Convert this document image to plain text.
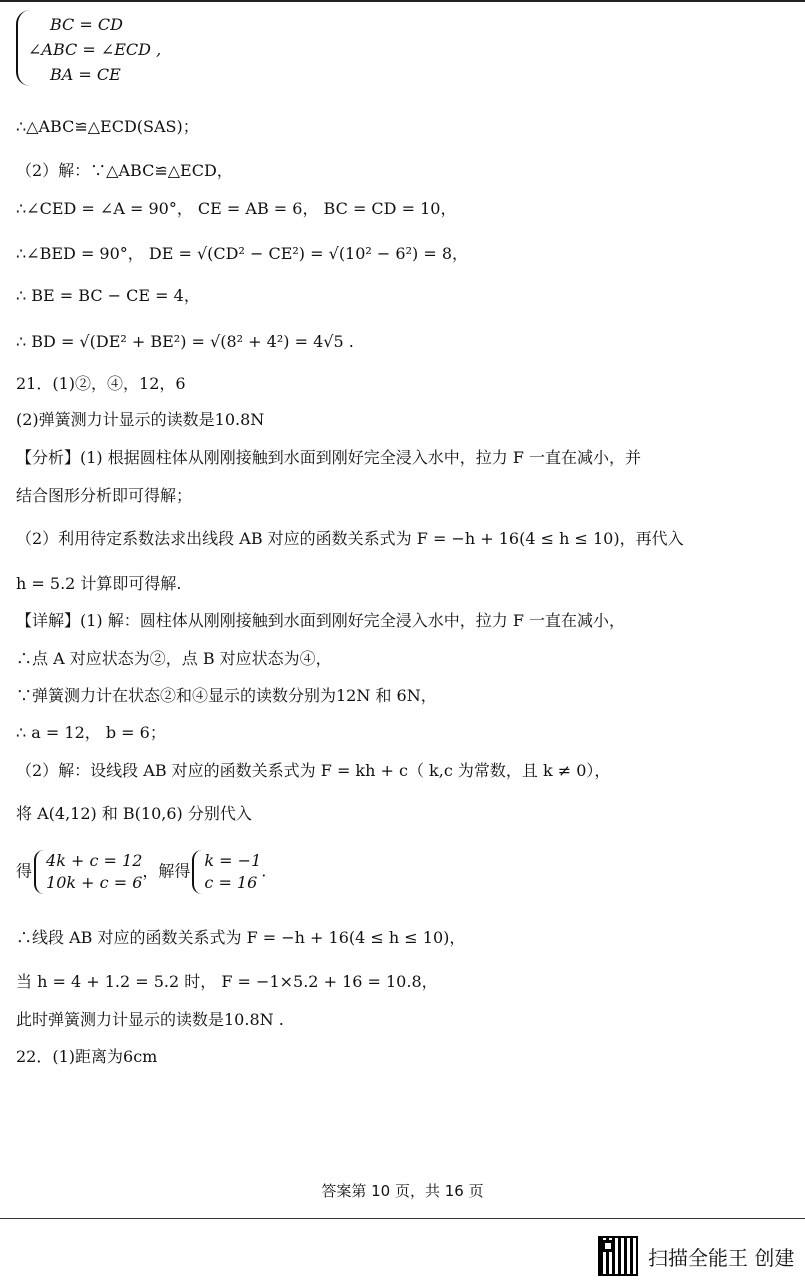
BC = CD
∠ABC = ∠ECD ,
BA = CE
∴△ABC≌△ECD(SAS)；
（2）解：∵△ABC≌△ECD，
∴∠CED = ∠A = 90°， CE = AB = 6， BC = CD = 10，
∴∠BED = 90°， DE = √(CD² − CE²) = √(10² − 6²) = 8，
∴ BE = BC − CE = 4，
∴ BD = √(DE² + BE²) = √(8² + 4²) = 4√5 .
21．(1)②，④，12，6
(2)弹簧测力计显示的读数是10.8N
【分析】(1) 根据圆柱体从刚刚接触到水面到刚好完全浸入水中，拉力 F 一直在减小，并
结合图形分析即可得解；
（2）利用待定系数法求出线段 AB 对应的函数关系式为 F = −h + 16(4 ≤ h ≤ 10)，再代入
h = 5.2 计算即可得解.
【详解】(1) 解：圆柱体从刚刚接触到水面到刚好完全浸入水中，拉力 F 一直在减小，
∴点 A 对应状态为②，点 B 对应状态为④，
∵弹簧测力计在状态②和④显示的读数分别为12N 和 6N，
∴ a = 12， b = 6；
（2）解：设线段 AB 对应的函数关系式为 F = kh + c（ k,c 为常数，且 k ≠ 0），
将 A(4,12) 和 B(10,6) 分别代入
得4k + c = 12
10k + c = 6，解得k = −1
c = 16.
∴线段 AB 对应的函数关系式为 F = −h + 16(4 ≤ h ≤ 10)，
当 h = 4 + 1.2 = 5.2 时， F = −1×5.2 + 16 = 10.8，
此时弹簧测力计显示的读数是10.8N .
22．(1)距离为6cm
答案第 10 页，共 16 页
扫描全能王 创建
